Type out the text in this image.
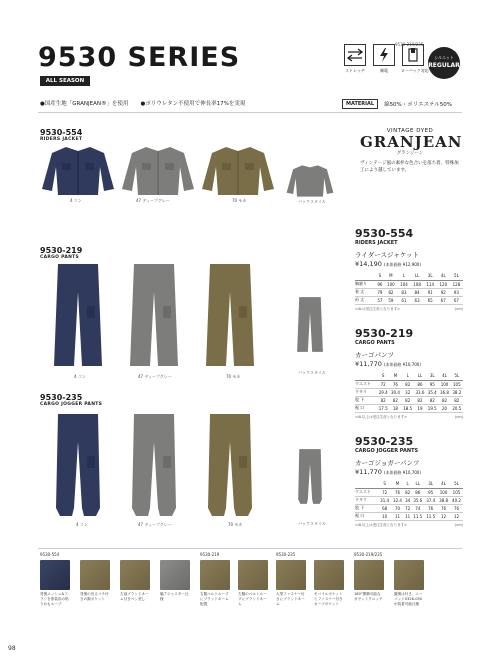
9530 SERIES
ALL SEASON
ストレッチ	制電	ローバック対応
9530-219/235
シルエット
REGULAR
●国産生地「GRANJEAN®」を使用 ●ポリウレタン不使用で伸長率17%を実現	MATERIAL	綿50%・ポリエステル50%
VINTAGE DYED
GRANJEAN
グランジーン
ヴィンテージ風の素朴な色合いを落ち着、特殊加工により越しています。
9530-554
RIDERS JACKET
4 コン	47 ディープグレー	70 モカ	バックスタイル
9530-554
RIDERS JACKET
ライダースジャケット
¥14,190 (本体価格 ¥12,900)
	S	M	L	LL	3L	4L	5L
胸廻り	96	100	104	108	114	120	128
着 丈	79	82	83	84	91	92	93
裄 丈	57	59	61	63	65	67	67
<4Lは受注生産となります>	(cm)
9530-219
CARGO PANTS
4 コン	47 ディープグレー	70 モカ
バックスタイル
9530-219
CARGO PANTS
カーゴパンツ
¥11,770 (本体価格 ¥10,700)
	S	M	L	LL	3L	4L	5L
ウエスト	72	76	82	86	95	100	105
ワタリ	29.4	30.4	32	33.6	35.4	36.8	38.2
股 下	82	82	82	82	82	82	82
裾 口	17.5	18	18.5	19	19.5	20	20.5
<4L以上は受注生産となります>	(cm)
9530-235
CARGO JOGGER PANTS
4 コン	47 ディープグレー	70 モカ	バックスタイル
9530-235
CARGO JOGGER PANTS
カーゴジョガーパンツ
¥11,770 (本体価格 ¥10,700)
	S	M	L	LL	3L	4L	5L
ウエスト	72	76	82	86	95	100	105
ワタリ	31.4	32.4	34	35.6	37.4	38.8	40.2
股 下	68	70	72	74	76	76	76
裾 口	10	11	11	11.5	11.5	12	12
<4L以上は受注生産となります>	(cm)
9530-554	9530-219	9530-235	9530-219/235
背裏メッシュ&フラシを塗装用の貼りかもルーブ
背裏の長るマチ付きの胸ポケット
左袖ブランドネーム付きペン差し
脇アジャスター仕様
右腰ベルトループにブランドネーム配置
左腰のベルトループにブランドネーム
大型ファスナー付きにブランドネーム
モバイルポケットとファスナー付きカーゴポケット
180°開脚可能なガゼットクロッチ
腰裏は付き、ニーパッド0326-050が装着可能仕様
98
